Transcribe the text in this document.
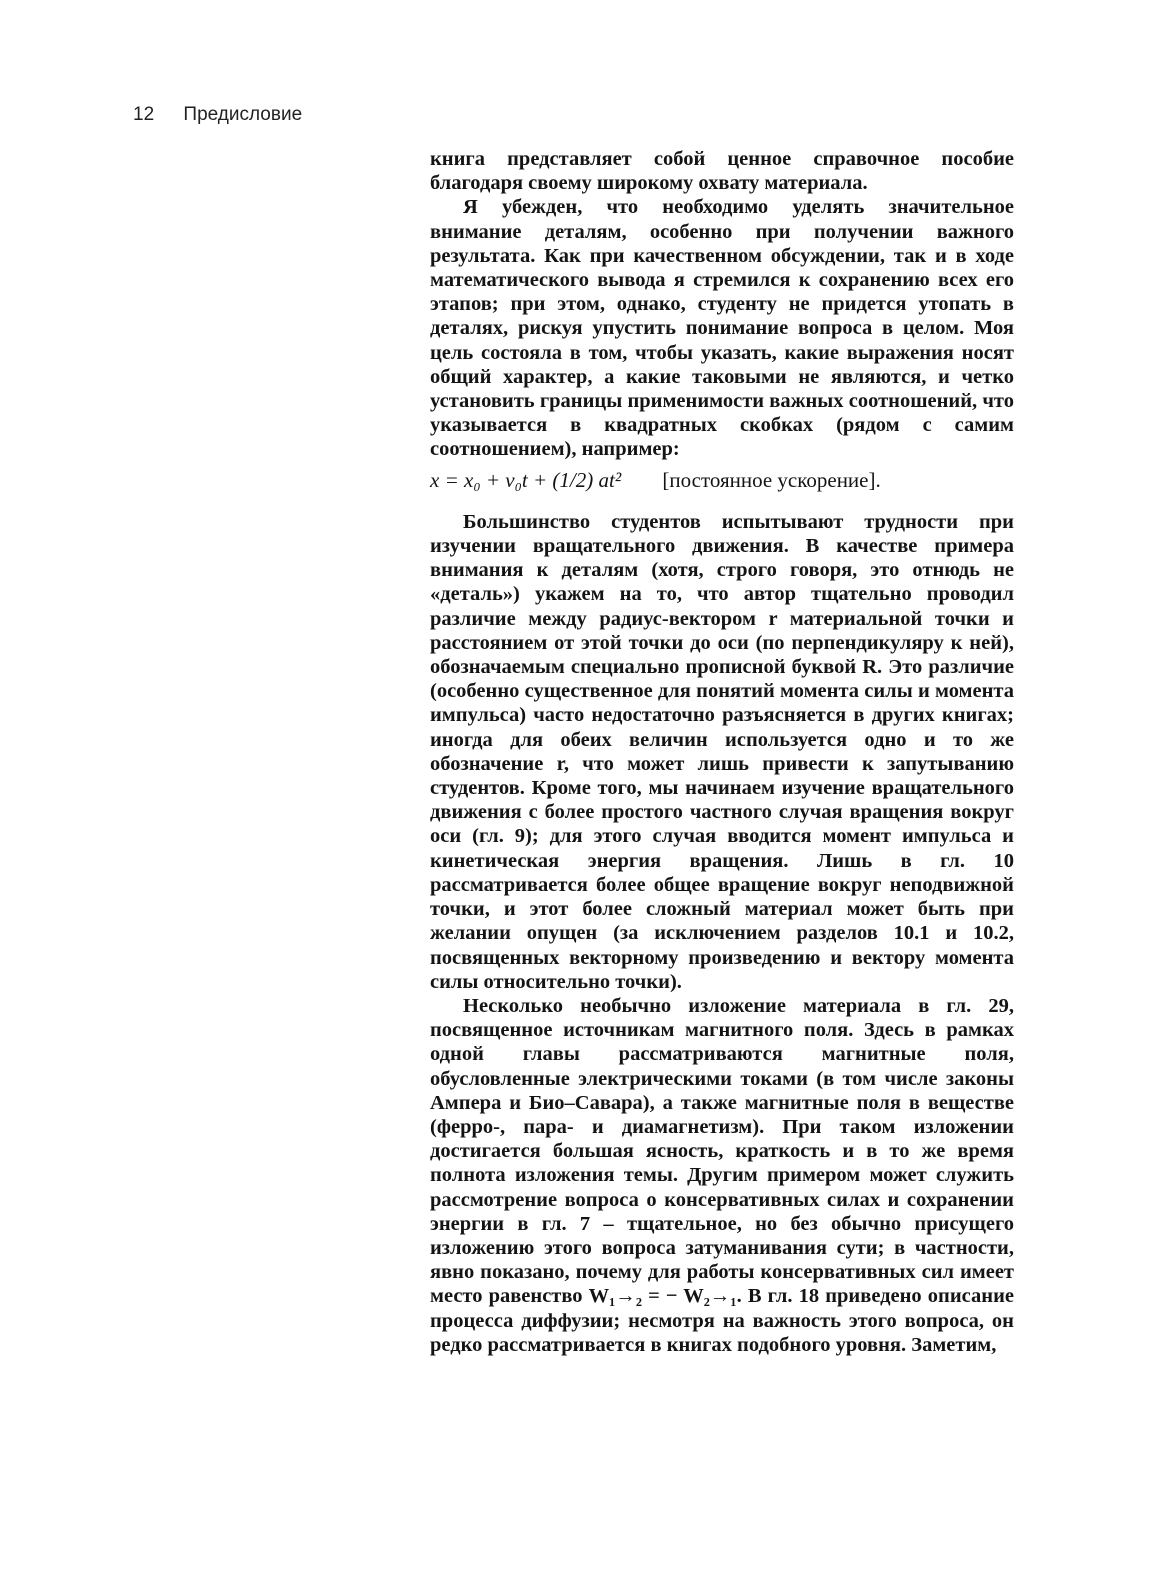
12 Предисловие

книга представляет собой ценное справочное пособие благодаря своему широкому охвату материала.

Я убежден, что необходимо уделять значительное внимание деталям, особенно при получении важного результата. Как при качественном обсуждении, так и в ходе математического вывода я стремился к сохранению всех его этапов; при этом, однако, студенту не придется утопать в деталях, рискуя упустить понимание вопроса в целом. Моя цель состояла в том, чтобы указать, какие выражения носят общий характер, а какие таковыми не являются, и четко установить границы применимости важных соотношений, что указывается в квадратных скобках (рядом с самим соотношением), например:

x = x₀ + v₀t + (1/2) at² [постоянное ускорение].

Большинство студентов испытывают трудности при изучении вращательного движения. В качестве примера внимания к деталям (хотя, строго говоря, это отнюдь не «деталь») укажем на то, что автор тщательно проводил различие между радиус-вектором r материальной точки и расстоянием от этой точки до оси (по перпендикуляру к ней), обозначаемым специально прописной буквой R. Это различие (особенно существенное для понятий момента силы и момента импульса) часто недостаточно разъясняется в других книгах; иногда для обеих величин используется одно и то же обозначение r, что может лишь привести к запутыванию студентов. Кроме того, мы начинаем изучение вращательного движения с более простого частного случая вращения вокруг оси (гл. 9); для этого случая вводится момент импульса и кинетическая энергия вращения. Лишь в гл. 10 рассматривается более общее вращение вокруг неподвижной точки, и этот более сложный материал может быть при желании опущен (за исключением разделов 10.1 и 10.2, посвященных векторному произведению и вектору момента силы относительно точки).

Несколько необычно изложение материала в гл. 29, посвященное источникам магнитного поля. Здесь в рамках одной главы рассматриваются магнитные поля, обусловленные электрическими токами (в том числе законы Ампера и Био–Савара), а также магнитные поля в веществе (ферро-, пара- и диамагнетизм). При таком изложении достигается большая ясность, краткость и в то же время полнота изложения темы. Другим примером может служить рассмотрение вопроса о консервативных силах и сохранении энергии в гл. 7 – тщательное, но без обычно присущего изложению этого вопроса затуманивания сути; в частности, явно показано, почему для работы консервативных сил имеет место равенство W₁→₂ = − W₂→₁. В гл. 18 приведено описание процесса диффузии; несмотря на важность этого вопроса, он редко рассматривается в книгах подобного уровня. Заметим,
